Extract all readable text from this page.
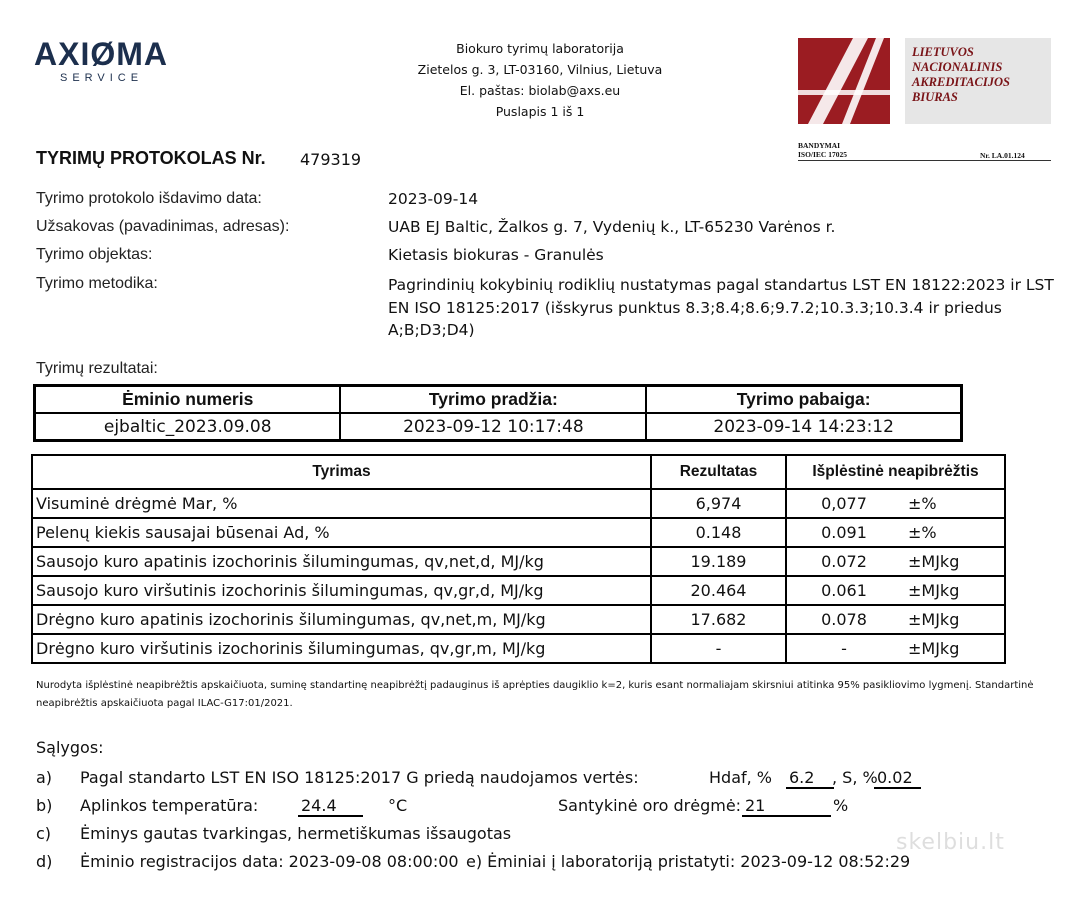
AXIØMA
SERVICE
Biokuro tyrimų laboratorija
Zietelos g. 3, LT-03160, Vilnius, Lietuva
El. paštas: biolab@axs.eu
Puslapis 1 iš 1
LIETUVOS
NACIONALINIS
AKREDITACIJOS
BIURAS
BANDYMAI
ISO/IEC 17025	Nr. LA.01.124
TYRIMŲ PROTOKOLAS Nr. 479319
Tyrimo protokolo išdavimo data:	2023-09-14
Užsakovas (pavadinimas, adresas):	UAB EJ Baltic, Žalkos g. 7, Vydenių k., LT-65230 Varėnos r.
Tyrimo objektas:	Kietasis biokuras - Granulės
Tyrimo metodika:	Pagrindinių kokybinių rodiklių nustatymas pagal standartus LST EN 18122:2023 ir LST EN ISO 18125:2017 (išskyrus punktus 8.3;8.4;8.6;9.7.2;10.3.3;10.3.4 ir priedus A;B;D3;D4)
Tyrimų rezultatai:
Ėminio numeris	Tyrimo pradžia:	Tyrimo pabaiga:
ejbaltic_2023.09.08	2023-09-12 10:17:48	2023-09-14 14:23:12
Tyrimas	Rezultatas	Išplėstinė neapibrėžtis
Visuminė drėgmė Mar, %	6,974	0,077 ±%
Pelenų kiekis sausajai būsenai Ad, %	0.148	0.091 ±%
Sausojo kuro apatinis izochorinis šilumingumas, qv,net,d, MJ/kg	19.189	0.072 ±MJkg
Sausojo kuro viršutinis izochorinis šilumingumas, qv,gr,d, MJ/kg	20.464	0.061 ±MJkg
Drėgno kuro apatinis izochorinis šilumingumas, qv,net,m, MJ/kg	17.682	0.078 ±MJkg
Drėgno kuro viršutinis izochorinis šilumingumas, qv,gr,m, MJ/kg	-	- ±MJkg
Nurodyta išplėstinė neapibrėžtis apskaičiuota, suminę standartinę neapibrėžtį padauginus iš aprėpties daugiklio k=2, kuris esant normaliajam skirsniui atitinka 95% pasikliovimo lygmenį. Standartinė neapibrėžtis apskaičiuota pagal ILAC-G17:01/2021.
Sąlygos:
a) Pagal standarto LST EN ISO 18125:2017 G priedą naudojamos vertės:	Hdaf, % 6.2	, S, % 0.02
b) Aplinkos temperatūra:	24.4	°C	Santykinė oro drėgmė: 21	%
c) Ėminys gautas tvarkingas, hermetiškumas išsaugotas
d) Ėminio registracijos data: 2023-09-08 08:00:00 e) Ėminiai į laboratoriją pristatyti: 2023-09-12 08:52:29
skelbiu.lt
